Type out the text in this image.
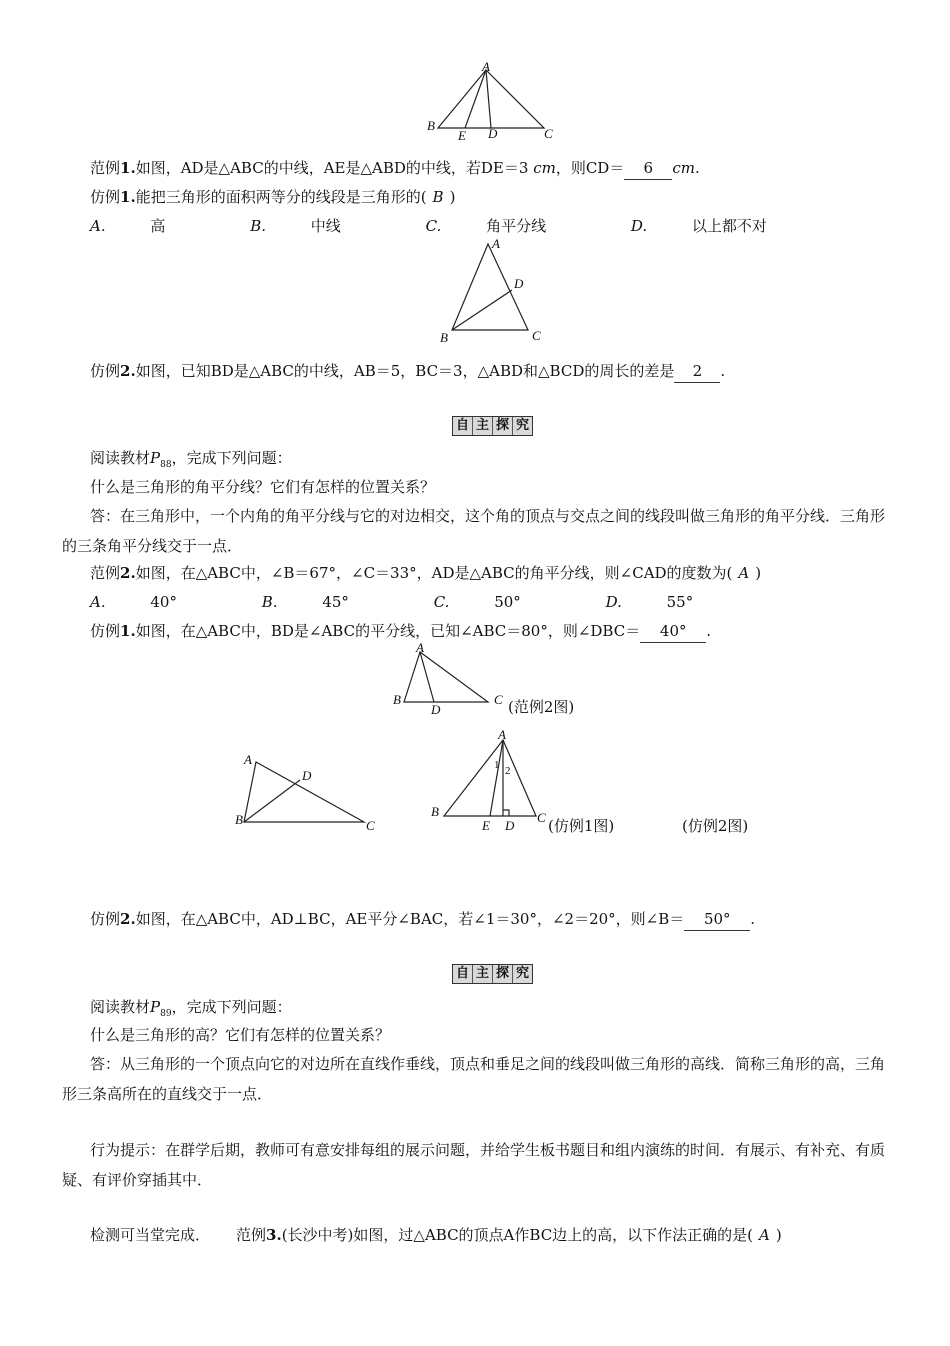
A
B
E D	C
范例1.如图，AD是△ABC的中线，AE是△ABD的中线，若DE＝3 cm，则CD＝ 6 cm.
仿例1.能把三角形的面积两等分的线段是三角形的( B )
A.	高	B.	中线	C.	角平分线	D.	以上都不对
A
D
B	C
仿例2.如图，已知BD是△ABC的中线，AB＝5，BC＝3，△ABD和△BCD的周长的差是 2 .
自 主 探 究
阅读教材$P_{88}$，完成下列问题：
什么是三角形的角平分线？它们有怎样的位置关系？
答：在三角形中，一个内角的角平分线与它的对边相交，这个角的顶点与交点之间的线段叫做三角形的角平分线．三角形的三条角平分线交于一点．
范例2.如图，在△ABC中，∠B＝67°，∠C＝33°，AD是△ABC的角平分线，则∠CAD的度数为( A )
A.	40°	B.	45°	C.	50°	D.	55°
仿例1.如图，在△ABC中，BD是∠ABC的平分线，已知∠ABC＝80°，则∠DBC＝ 40° .
A
B
D
C (范例2图)
A
D
B	C
A
1 2
B
E D
C (仿例1图)	(仿例2图)
仿例2.如图，在△ABC中，AD⊥BC，AE平分∠BAC，若∠1＝30°，∠2＝20°，则∠B＝ 50° .
自 主 探 究
阅读教材$P_{89}$，完成下列问题：
什么是三角形的高？它们有怎样的位置关系？
答：从三角形的一个顶点向它的对边所在直线作垂线，顶点和垂足之间的线段叫做三角形的高线．简称三角形的高，三角形三条高所在的直线交于一点．
行为提示：在群学后期，教师可有意安排每组的展示问题，并给学生板书题目和组内演练的时间．有展示、有补充、有质疑、有评价穿插其中．
检测可当堂完成． 范例3.(长沙中考)如图，过△ABC的顶点A作BC边上的高，以下作法正确的是( A )
